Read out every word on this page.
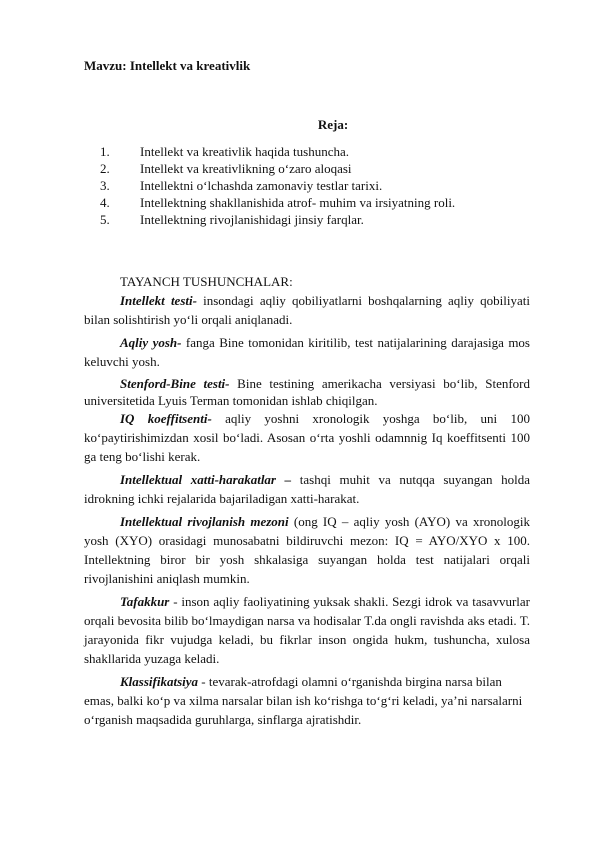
Mavzu: Intellekt va kreativlik
Reja:
1. Intellekt va kreativlik haqida tushuncha.
2. Intellekt va kreativlikning o‘zaro aloqasi
3. Intellektni o‘lchashda zamonaviy testlar tarixi.
4. Intellektning shakllanishida atrof- muhim va irsiyatning roli.
5. Intellektning rivojlanishidagi jinsiy farqlar.
TAYANCH TUSHUNCHALAR:

Intellekt testi- insondagi aqliy qobiliyatlarni boshqalarning aqliy qobiliyati bilan solishtirish yo‘li orqali aniqlanadi.

Aqliy yosh- fanga Bine tomonidan kiritilib, test natijalarining darajasiga mos keluvchi yosh.

Stenford-Bine testi- Bine testining amerikacha versiyasi bo‘lib, Stenford universitetida Lyuis Terman tomonidan ishlab chiqilgan.

IQ koeffitsenti- aqliy yoshni xronologik yoshga bo‘lib, uni 100 ko‘paytirishimizdan xosil bo‘ladi. Asosan o‘rta yoshli odamnnig Iq koeffitsenti 100 ga teng bo‘lishi kerak.

Intellektual xatti-harakatlar – tashqi muhit va nutqqa suyangan holda idrokning ichki rejalarida bajariladigan xatti-harakat.

Intellektual rivojlanish mezoni (ong IQ – aqliy yosh (AYO) va xronologik yosh (XYO) orasidagi munosabatni bildiruvchi mezon: IQ = AYO/XYO x 100. Intellektning biror bir yosh shkalasiga suyangan holda test natijalari orqali rivojlanishini aniqlash mumkin.

Tafakkur - inson aqliy faoliyatining yuksak shakli. Sezgi idrok va tasavvurlar orqali bevosita bilib bo‘lmaydigan narsa va hodisalar T.da ongli ravishda aks etadi. T. jarayonida fikr vujudga keladi, bu fikrlar inson ongida hukm, tushuncha, xulosa shakllarida yuzaga keladi.

Klassifikatsiya - tevarak-atrofdagi olamni o‘rganishda birgina narsa bilan emas, balki ko‘p va xilma narsalar bilan ish ko‘rishga to‘g‘ri keladi, ya’ni narsalarni o‘rganish maqsadida guruhlarga, sinflarga ajratishdir.
